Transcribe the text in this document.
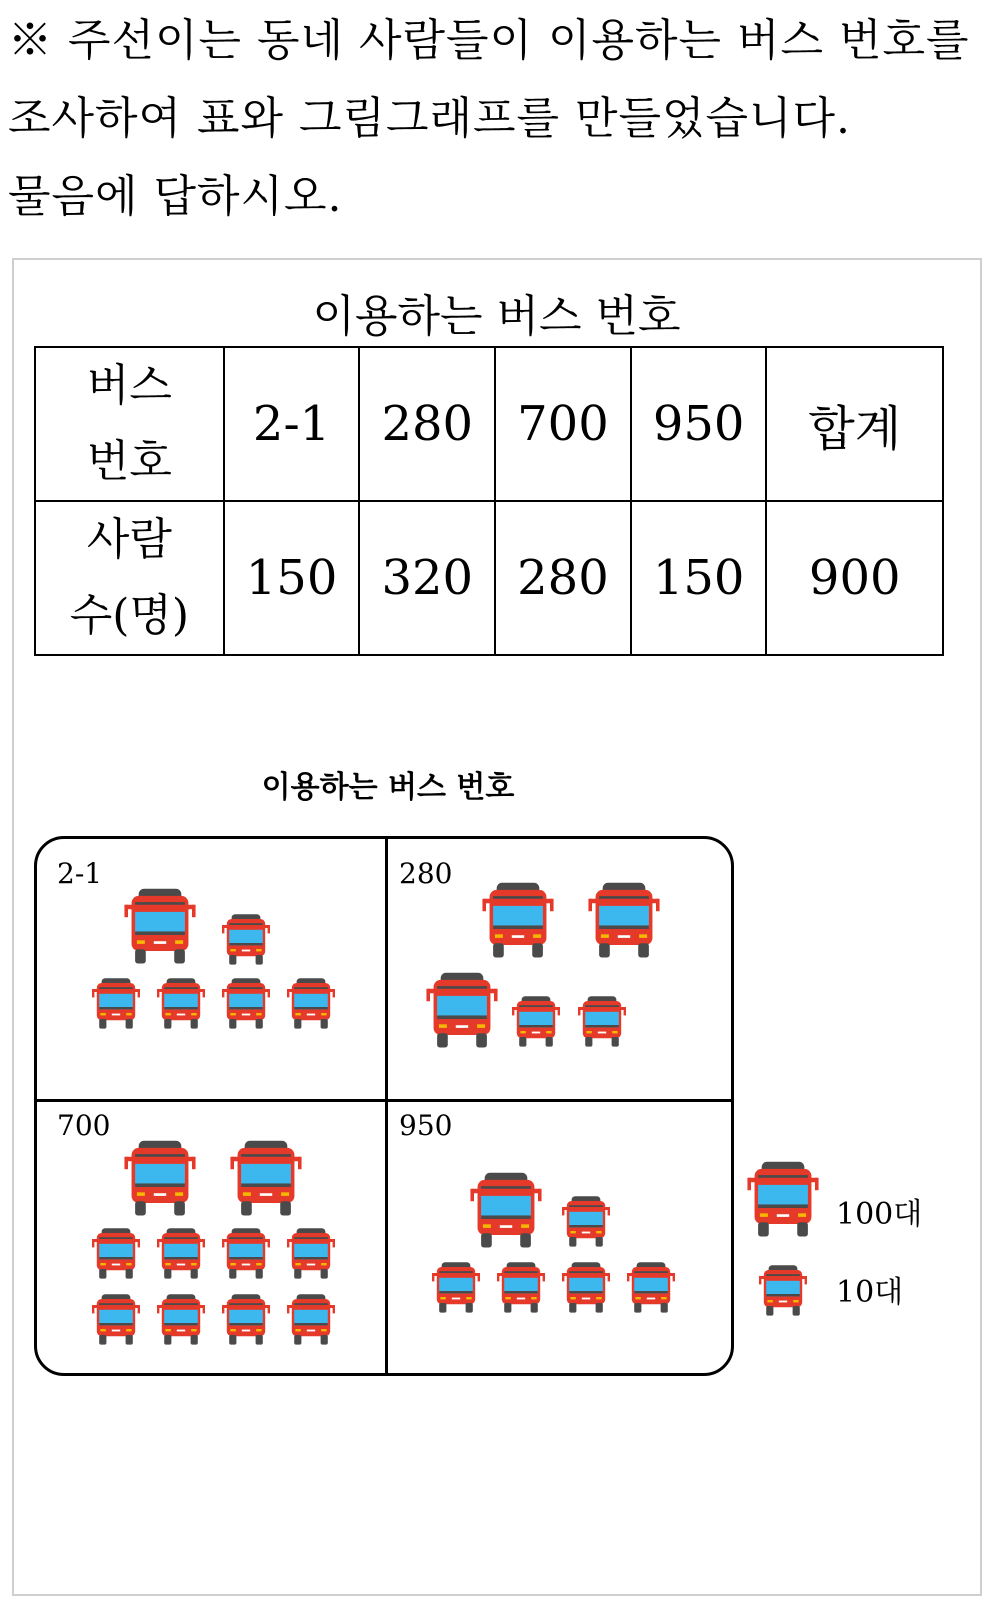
※ 주선이는 동네 사람들이 이용하는 버스 번호를
조사하여 표와 그림그래프를 만들었습니다.
물음에 답하시오.
이용하는 버스 번호
버스
번호	2-1	280	700	950	합계

사람
수(명)	150	320	280	150	900
이용하는 버스 번호
2-1	280
700	950
100대
10대
